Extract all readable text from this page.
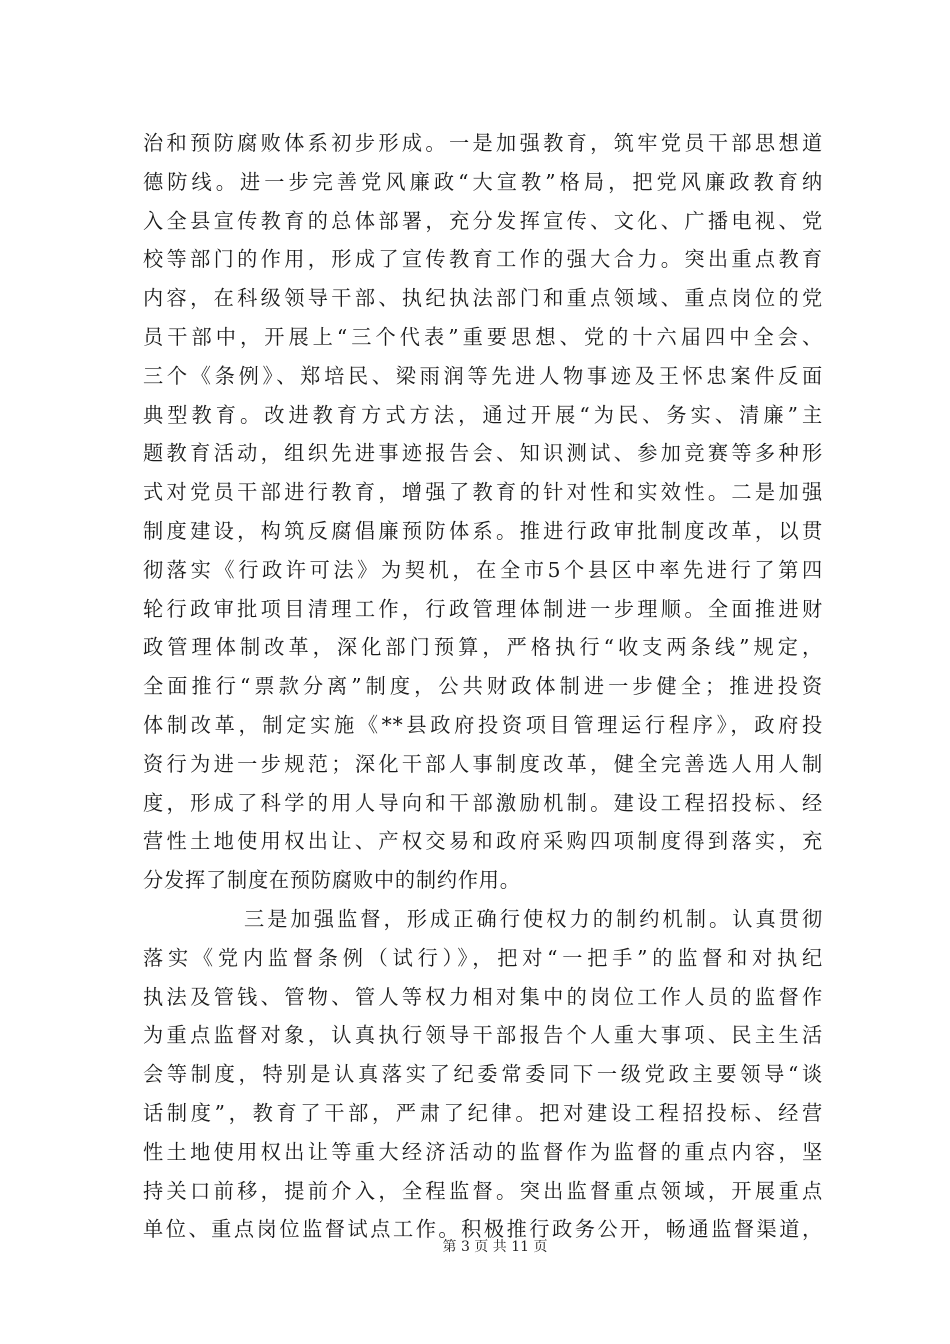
治和预防腐败体系初步形成。一是加强教育，筑牢党员干部思想道
德防线。进一步完善党风廉政“大宣教”格局，把党风廉政教育纳
入全县宣传教育的总体部署，充分发挥宣传、文化、广播电视、党
校等部门的作用，形成了宣传教育工作的强大合力。突出重点教育
内容，在科级领导干部、执纪执法部门和重点领域、重点岗位的党
员干部中，开展上“三个代表”重要思想、党的十六届四中全会、
三个《条例》、郑培民、梁雨润等先进人物事迹及王怀忠案件反面
典型教育。改进教育方式方法，通过开展“为民、务实、清廉”主
题教育活动，组织先进事迹报告会、知识测试、参加竞赛等多种形
式对党员干部进行教育，增强了教育的针对性和实效性。二是加强
制度建设，构筑反腐倡廉预防体系。推进行政审批制度改革，以贯
彻落实《行政许可法》为契机，在全市5个县区中率先进行了第四
轮行政审批项目清理工作，行政管理体制进一步理顺。全面推进财
政管理体制改革，深化部门预算，严格执行“收支两条线”规定，
全面推行“票款分离”制度，公共财政体制进一步健全；推进投资
体制改革，制定实施《**县政府投资项目管理运行程序》，政府投
资行为进一步规范；深化干部人事制度改革，健全完善选人用人制
度，形成了科学的用人导向和干部激励机制。建设工程招投标、经
营性土地使用权出让、产权交易和政府采购四项制度得到落实，充
分发挥了制度在预防腐败中的制约作用。
三是加强监督，形成正确行使权力的制约机制。认真贯彻
落实《党内监督条例（试行）》，把对“一把手”的监督和对执纪
执法及管钱、管物、管人等权力相对集中的岗位工作人员的监督作
为重点监督对象，认真执行领导干部报告个人重大事项、民主生活
会等制度，特别是认真落实了纪委常委同下一级党政主要领导“谈
话制度”，教育了干部，严肃了纪律。把对建设工程招投标、经营
性土地使用权出让等重大经济活动的监督作为监督的重点内容，坚
持关口前移，提前介入，全程监督。突出监督重点领域，开展重点
单位、重点岗位监督试点工作。积极推行政务公开，畅通监督渠道，
第 3 页 共 11 页
